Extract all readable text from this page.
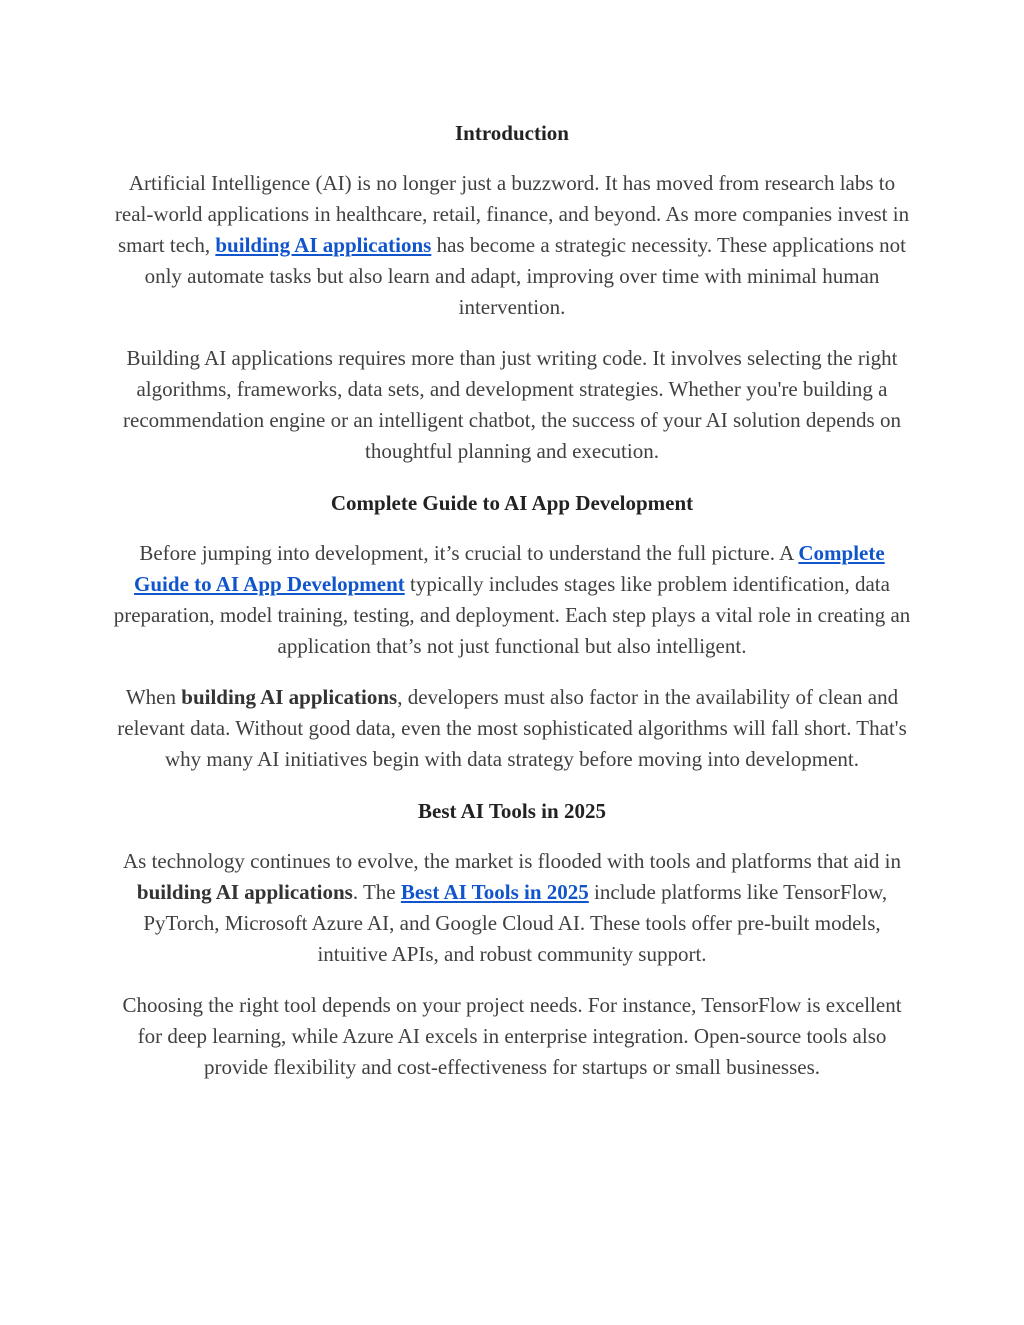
Introduction

Artificial Intelligence (AI) is no longer just a buzzword. It has moved from research labs to real-world applications in healthcare, retail, finance, and beyond. As more companies invest in smart tech, building AI applications has become a strategic necessity. These applications not only automate tasks but also learn and adapt, improving over time with minimal human intervention.

Building AI applications requires more than just writing code. It involves selecting the right algorithms, frameworks, data sets, and development strategies. Whether you're building a recommendation engine or an intelligent chatbot, the success of your AI solution depends on thoughtful planning and execution.

Complete Guide to AI App Development

Before jumping into development, it’s crucial to understand the full picture. A Complete Guide to AI App Development typically includes stages like problem identification, data preparation, model training, testing, and deployment. Each step plays a vital role in creating an application that’s not just functional but also intelligent.

When building AI applications, developers must also factor in the availability of clean and relevant data. Without good data, even the most sophisticated algorithms will fall short. That's why many AI initiatives begin with data strategy before moving into development.

Best AI Tools in 2025

As technology continues to evolve, the market is flooded with tools and platforms that aid in building AI applications. The Best AI Tools in 2025 include platforms like TensorFlow, PyTorch, Microsoft Azure AI, and Google Cloud AI. These tools offer pre-built models, intuitive APIs, and robust community support.

Choosing the right tool depends on your project needs. For instance, TensorFlow is excellent for deep learning, while Azure AI excels in enterprise integration. Open-source tools also provide flexibility and cost-effectiveness for startups or small businesses.
